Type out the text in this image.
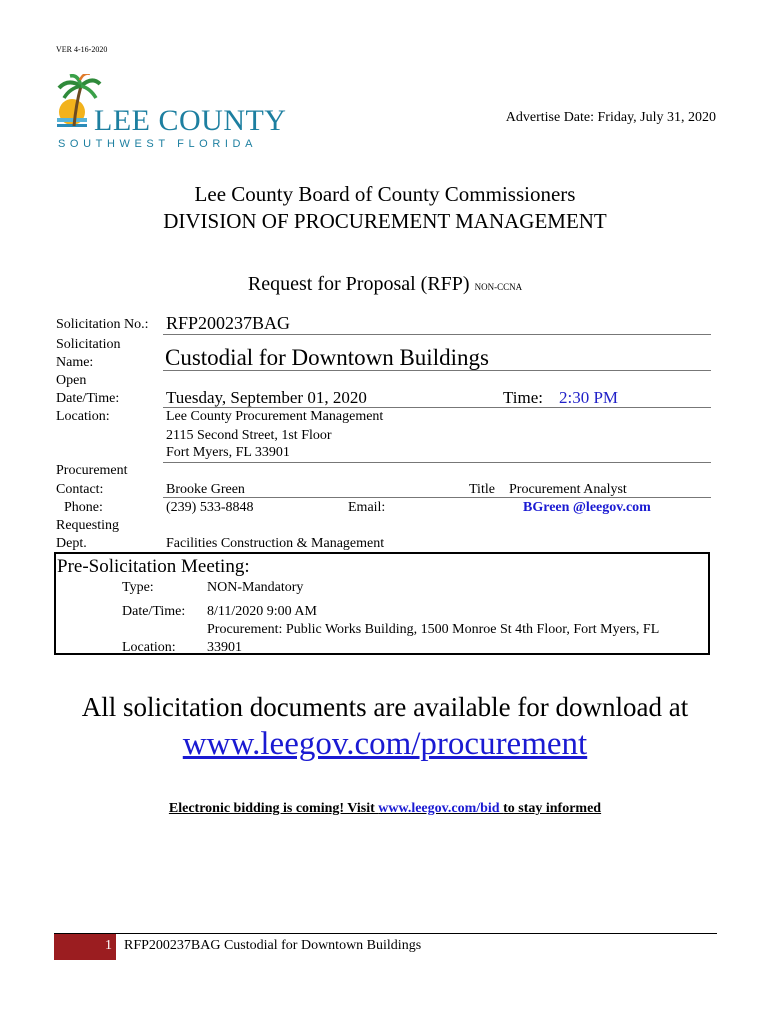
VER 4-16-2020
LEE COUNTY
SOUTHWEST FLORIDA
Advertise Date: Friday, July 31, 2020
Lee County Board of County Commissioners
DIVISION OF PROCUREMENT MANAGEMENT
Request for Proposal (RFP) NON-CCNA
Solicitation No.: RFP200237BAG
Solicitation
Name:	Custodial for Downtown Buildings
Open
Date/Time:	Tuesday, September 01, 2020	Time: 2:30 PM
Location:	Lee County Procurement Management
2115 Second Street, 1st Floor
Fort Myers, FL 33901
Procurement
Contact:	Brooke Green	Title Procurement Analyst
Phone:	(239) 533-8848	Email:	BGreen @leegov.com
Requesting
Dept.	Facilities Construction & Management
Pre-Solicitation Meeting:
Type:	NON-Mandatory
Date/Time: 8/11/2020 9:00 AM
Procurement: Public Works Building, 1500 Monroe St 4th Floor, Fort Myers, FL
Location: 33901
All solicitation documents are available for download at
www.leegov.com/procurement
Electronic bidding is coming! Visit www.leegov.com/bid to stay informed
1 RFP200237BAG Custodial for Downtown Buildings
